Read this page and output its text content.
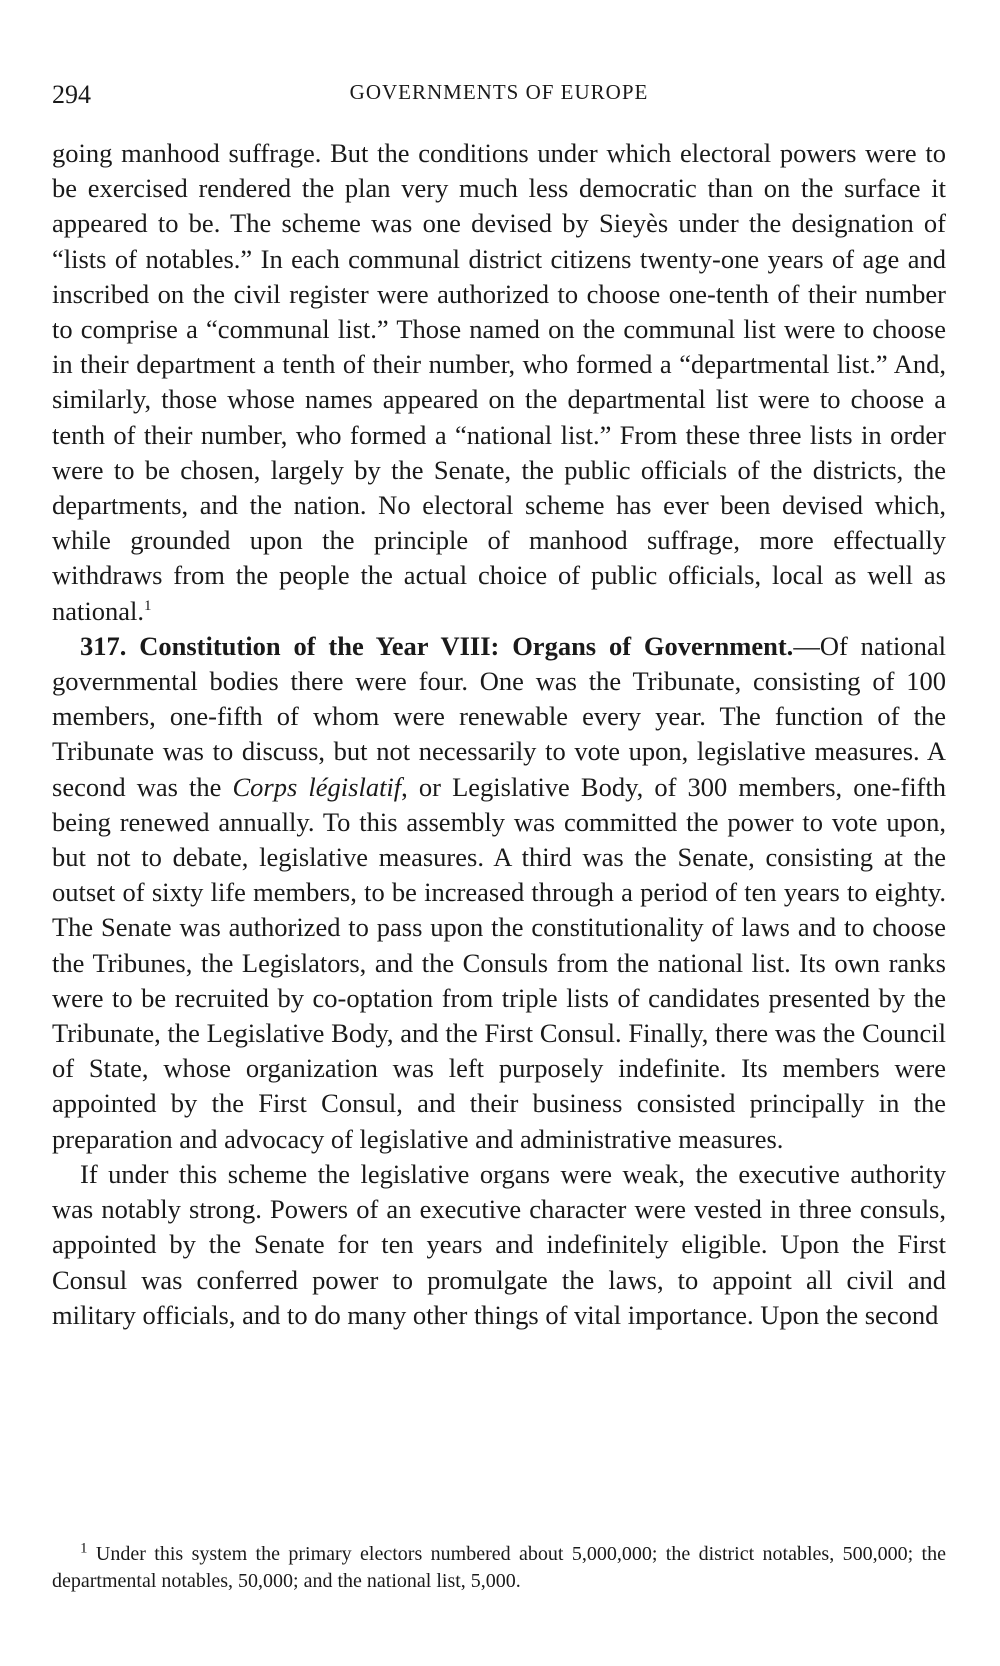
294	GOVERNMENTS OF EUROPE

going manhood suffrage. But the conditions under which electoral powers were to be exercised rendered the plan very much less democratic than on the surface it appeared to be. The scheme was one devised by Sieyès under the designation of “lists of notables.” In each communal district citizens twenty-one years of age and inscribed on the civil register were authorized to choose one-tenth of their number to comprise a “communal list.” Those named on the communal list were to choose in their department a tenth of their number, who formed a “departmental list.” And, similarly, those whose names appeared on the departmental list were to choose a tenth of their number, who formed a “national list.” From these three lists in order were to be chosen, largely by the Senate, the public officials of the districts, the departments, and the nation. No electoral scheme has ever been devised which, while grounded upon the principle of manhood suffrage, more effectually withdraws from the people the actual choice of public officials, local as well as national.$^1$

317. Constitution of the Year VIII: Organs of Government.—Of national governmental bodies there were four. One was the Tribunate, consisting of 100 members, one-fifth of whom were renewable every year. The function of the Tribunate was to discuss, but not necessarily to vote upon, legislative measures. A second was the Corps législatif, or Legislative Body, of 300 members, one-fifth being renewed annually. To this assembly was committed the power to vote upon, but not to debate, legislative measures. A third was the Senate, consisting at the outset of sixty life members, to be increased through a period of ten years to eighty. The Senate was authorized to pass upon the constitutionality of laws and to choose the Tribunes, the Legislators, and the Consuls from the national list. Its own ranks were to be recruited by co-optation from triple lists of candidates presented by the Tribunate, the Legislative Body, and the First Consul. Finally, there was the Council of State, whose organization was left purposely indefinite. Its members were appointed by the First Consul, and their business consisted principally in the preparation and advocacy of legislative and administrative measures.

If under this scheme the legislative organs were weak, the executive authority was notably strong. Powers of an executive character were vested in three consuls, appointed by the Senate for ten years and indefinitely eligible. Upon the First Consul was conferred power to promulgate the laws, to appoint all civil and military officials, and to do many other things of vital importance. Upon the second

$^1$ Under this system the primary electors numbered about 5,000,000; the district notables, 500,000; the departmental notables, 50,000; and the national list, 5,000.
